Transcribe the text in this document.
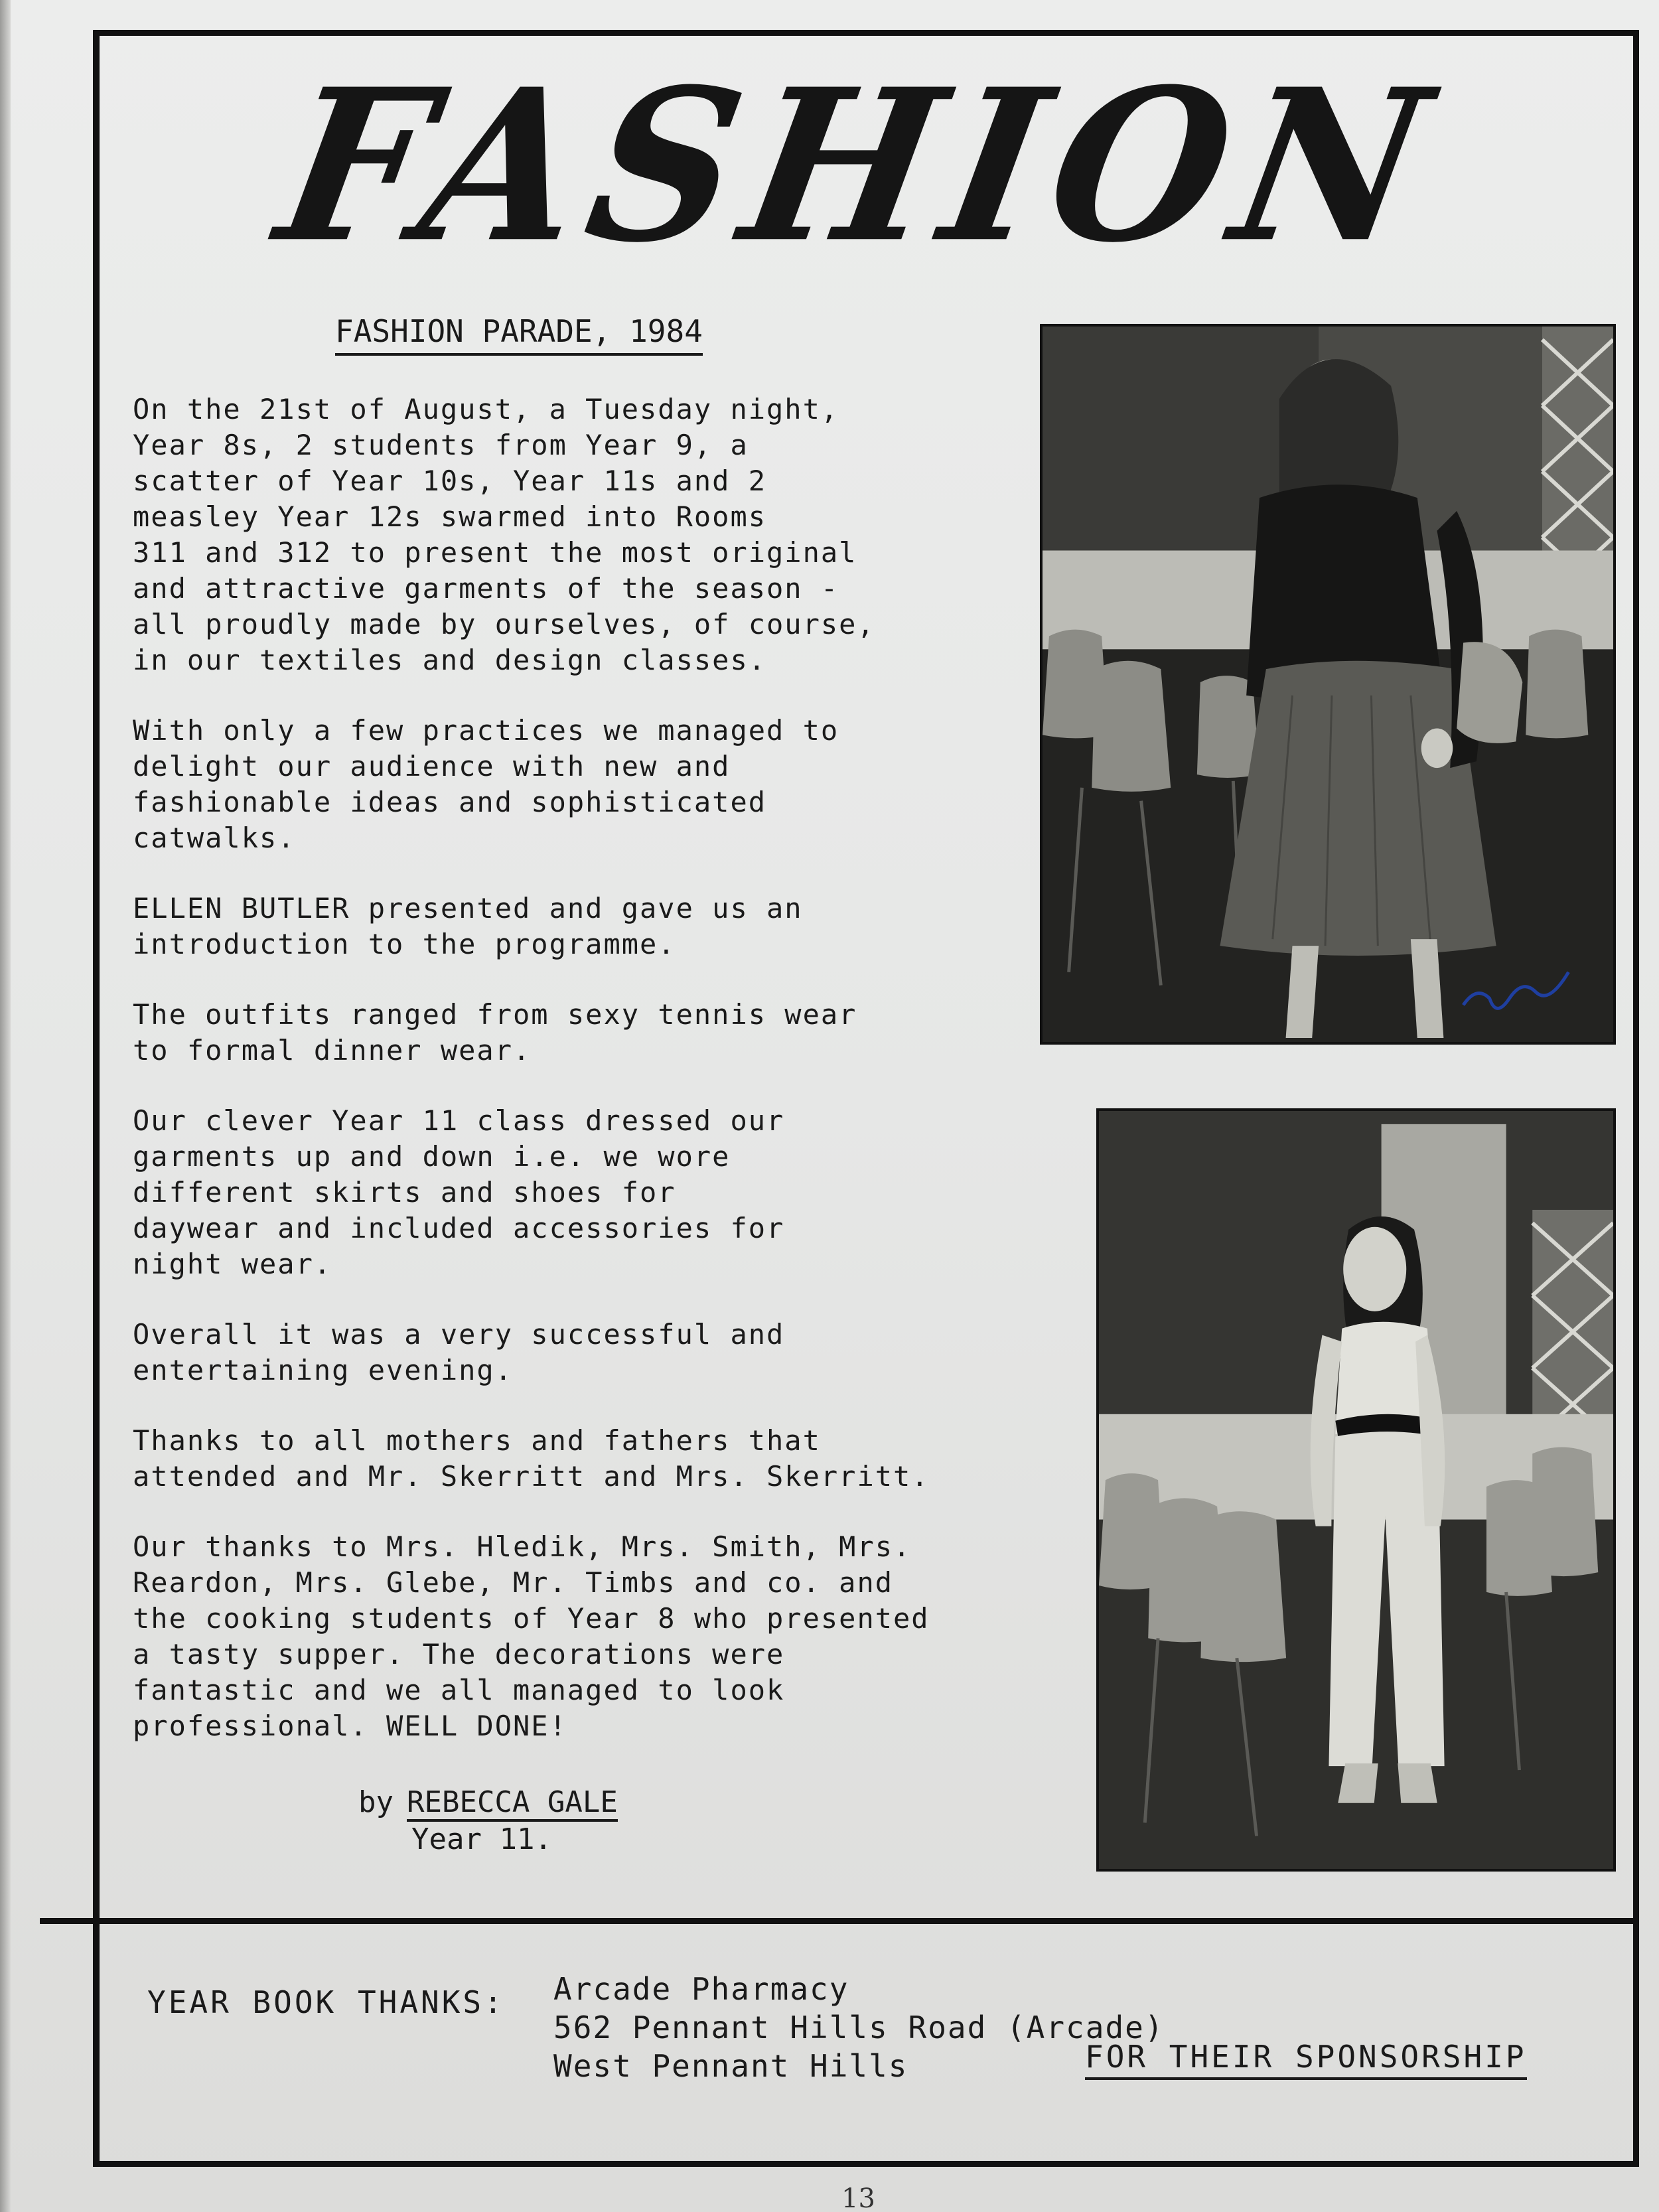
FASHION
FASHION PARADE, 1984

On the 21st of August, a Tuesday night,
Year 8s, 2 students from Year 9, a
scatter of Year 10s, Year 11s and 2
measley Year 12s swarmed into Rooms
311 and 312 to present the most original
and attractive garments of the season -
all proudly made by ourselves, of course,
in our textiles and design classes.

With only a few practices we managed to
delight our audience with new and
fashionable ideas and sophisticated
catwalks.

ELLEN BUTLER presented and gave us an
introduction to the programme.

The outfits ranged from sexy tennis wear
to formal dinner wear.

Our clever Year 11 class dressed our
garments up and down i.e. we wore
different skirts and shoes for
daywear and included accessories for
night wear.

Overall it was a very successful and
entertaining evening.

Thanks to all mothers and fathers that
attended and Mr. Skerritt and Mrs. Skerritt.

Our thanks to Mrs. Hledik, Mrs. Smith, Mrs.
Reardon, Mrs. Glebe, Mr. Timbs and co. and
the cooking students of Year 8 who presented
a tasty supper. The decorations were
fantastic and we all managed to look
professional. WELL DONE!

by REBECCA GALE
Year 11.
YEAR BOOK THANKS: Arcade Pharmacy
562 Pennant Hills Road (Arcade)
West Pennant Hills	FOR THEIR SPONSORSHIP
13
